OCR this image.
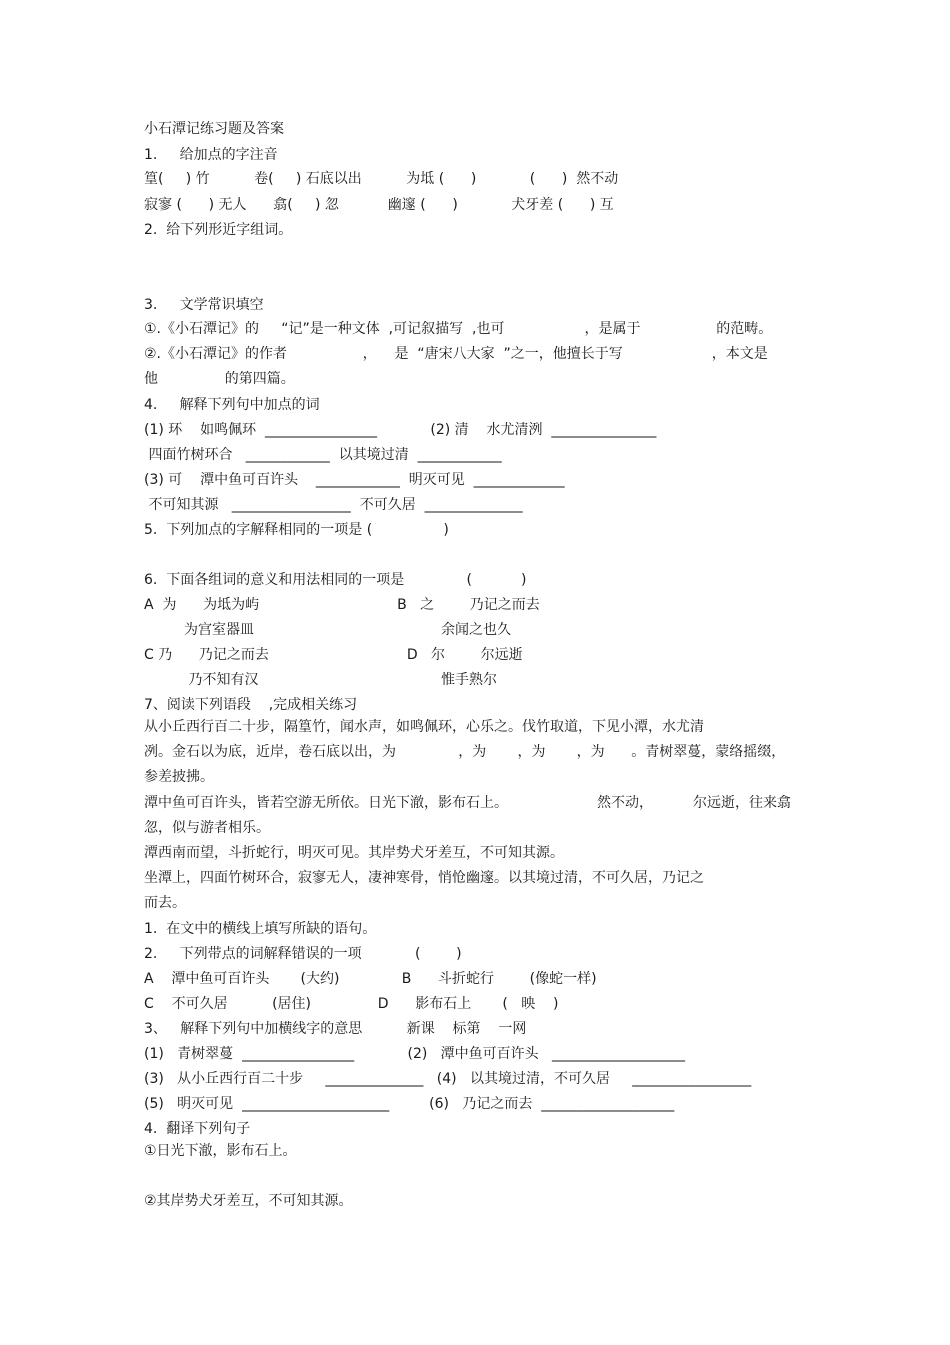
小石潭记练习题及答案
1.     给加点的字注音
篁(     ) 竹          卷(     ) 石底以出          为坻 (      )            (      )  然不动
寂寥 (      ) 无人      翕(     ) 忽           幽邃 (      )            犬牙差 (      ) 互
2.  给下列形近字组词。
3.     文学常识填空
①.《小石潭记》的     “记”是一种文体  ,可记叙描写  ,也可                  ，是属于                 的范畴。
②.《小石潭记》的作者                 ，    是  “唐宋八大家  ”之一，他擅长于写                    ，本文是
他               的第四篇。
4.     解释下列句中加点的词
(1) 环    如鸣佩环  ________________            (2) 清    水尤清洌  _______________
四面竹树环合   ____________  以其境过清  ____________
(3) 可    潭中鱼可百许头    ____________  明灭可见  _____________
不可知其源   _________________  不可久居  ______________
5.  下列加点的字解释相同的一项是 (                )
6.  下面各组词的意义和用法相同的一项是              (           )
A  为      为坻为屿                               B   之        乃记之而去
为宫室器皿                                          余闻之也久
C 乃      乃记之而去                               D   尔        尔远逝
乃不知有汉                                         惟手熟尔
7、阅读下列语段    ,完成相关练习
从小丘西行百二十步，隔篁竹，闻水声，如鸣佩环，心乐之。伐竹取道，下见小潭，水尤清
冽。金石以为底，近岸，卷石底以出，为              ，为       ，为       ，为      。青树翠蔓，蒙络摇缀，
参差披拂。
潭中鱼可百许头，皆若空游无所依。日光下澈，影布石上。                    然不动，         尔远逝，往来翕
忽，似与游者相乐。
潭西南而望，斗折蛇行，明灭可见。其岸势犬牙差互，不可知其源。
坐潭上，四面竹树环合，寂寥无人，凄神寒骨，悄怆幽邃。以其境过清，不可久居，乃记之
而去。
1.  在文中的横线上填写所缺的语句。
2.     下列带点的词解释错误的一项            (        )
A    潭中鱼可百许头       (大约)              B      斗折蛇行        (像蛇一样)
C    不可久居          (居住)               D      影布石上       (   映    )
3、   解释下列句中加横线字的意思          新课    标第    一网
(1)   青树翠蔓  ________________            (2)   潭中鱼可百许头   ___________________
(3)   从小丘西行百二十步     ______________   (4)   以其境过清，不可久居     _________________
(5)   明灭可见  _____________________         (6)   乃记之而去  ___________________
4.  翻译下列句子
①日光下澈，影布石上。
②其岸势犬牙差互，不可知其源。
